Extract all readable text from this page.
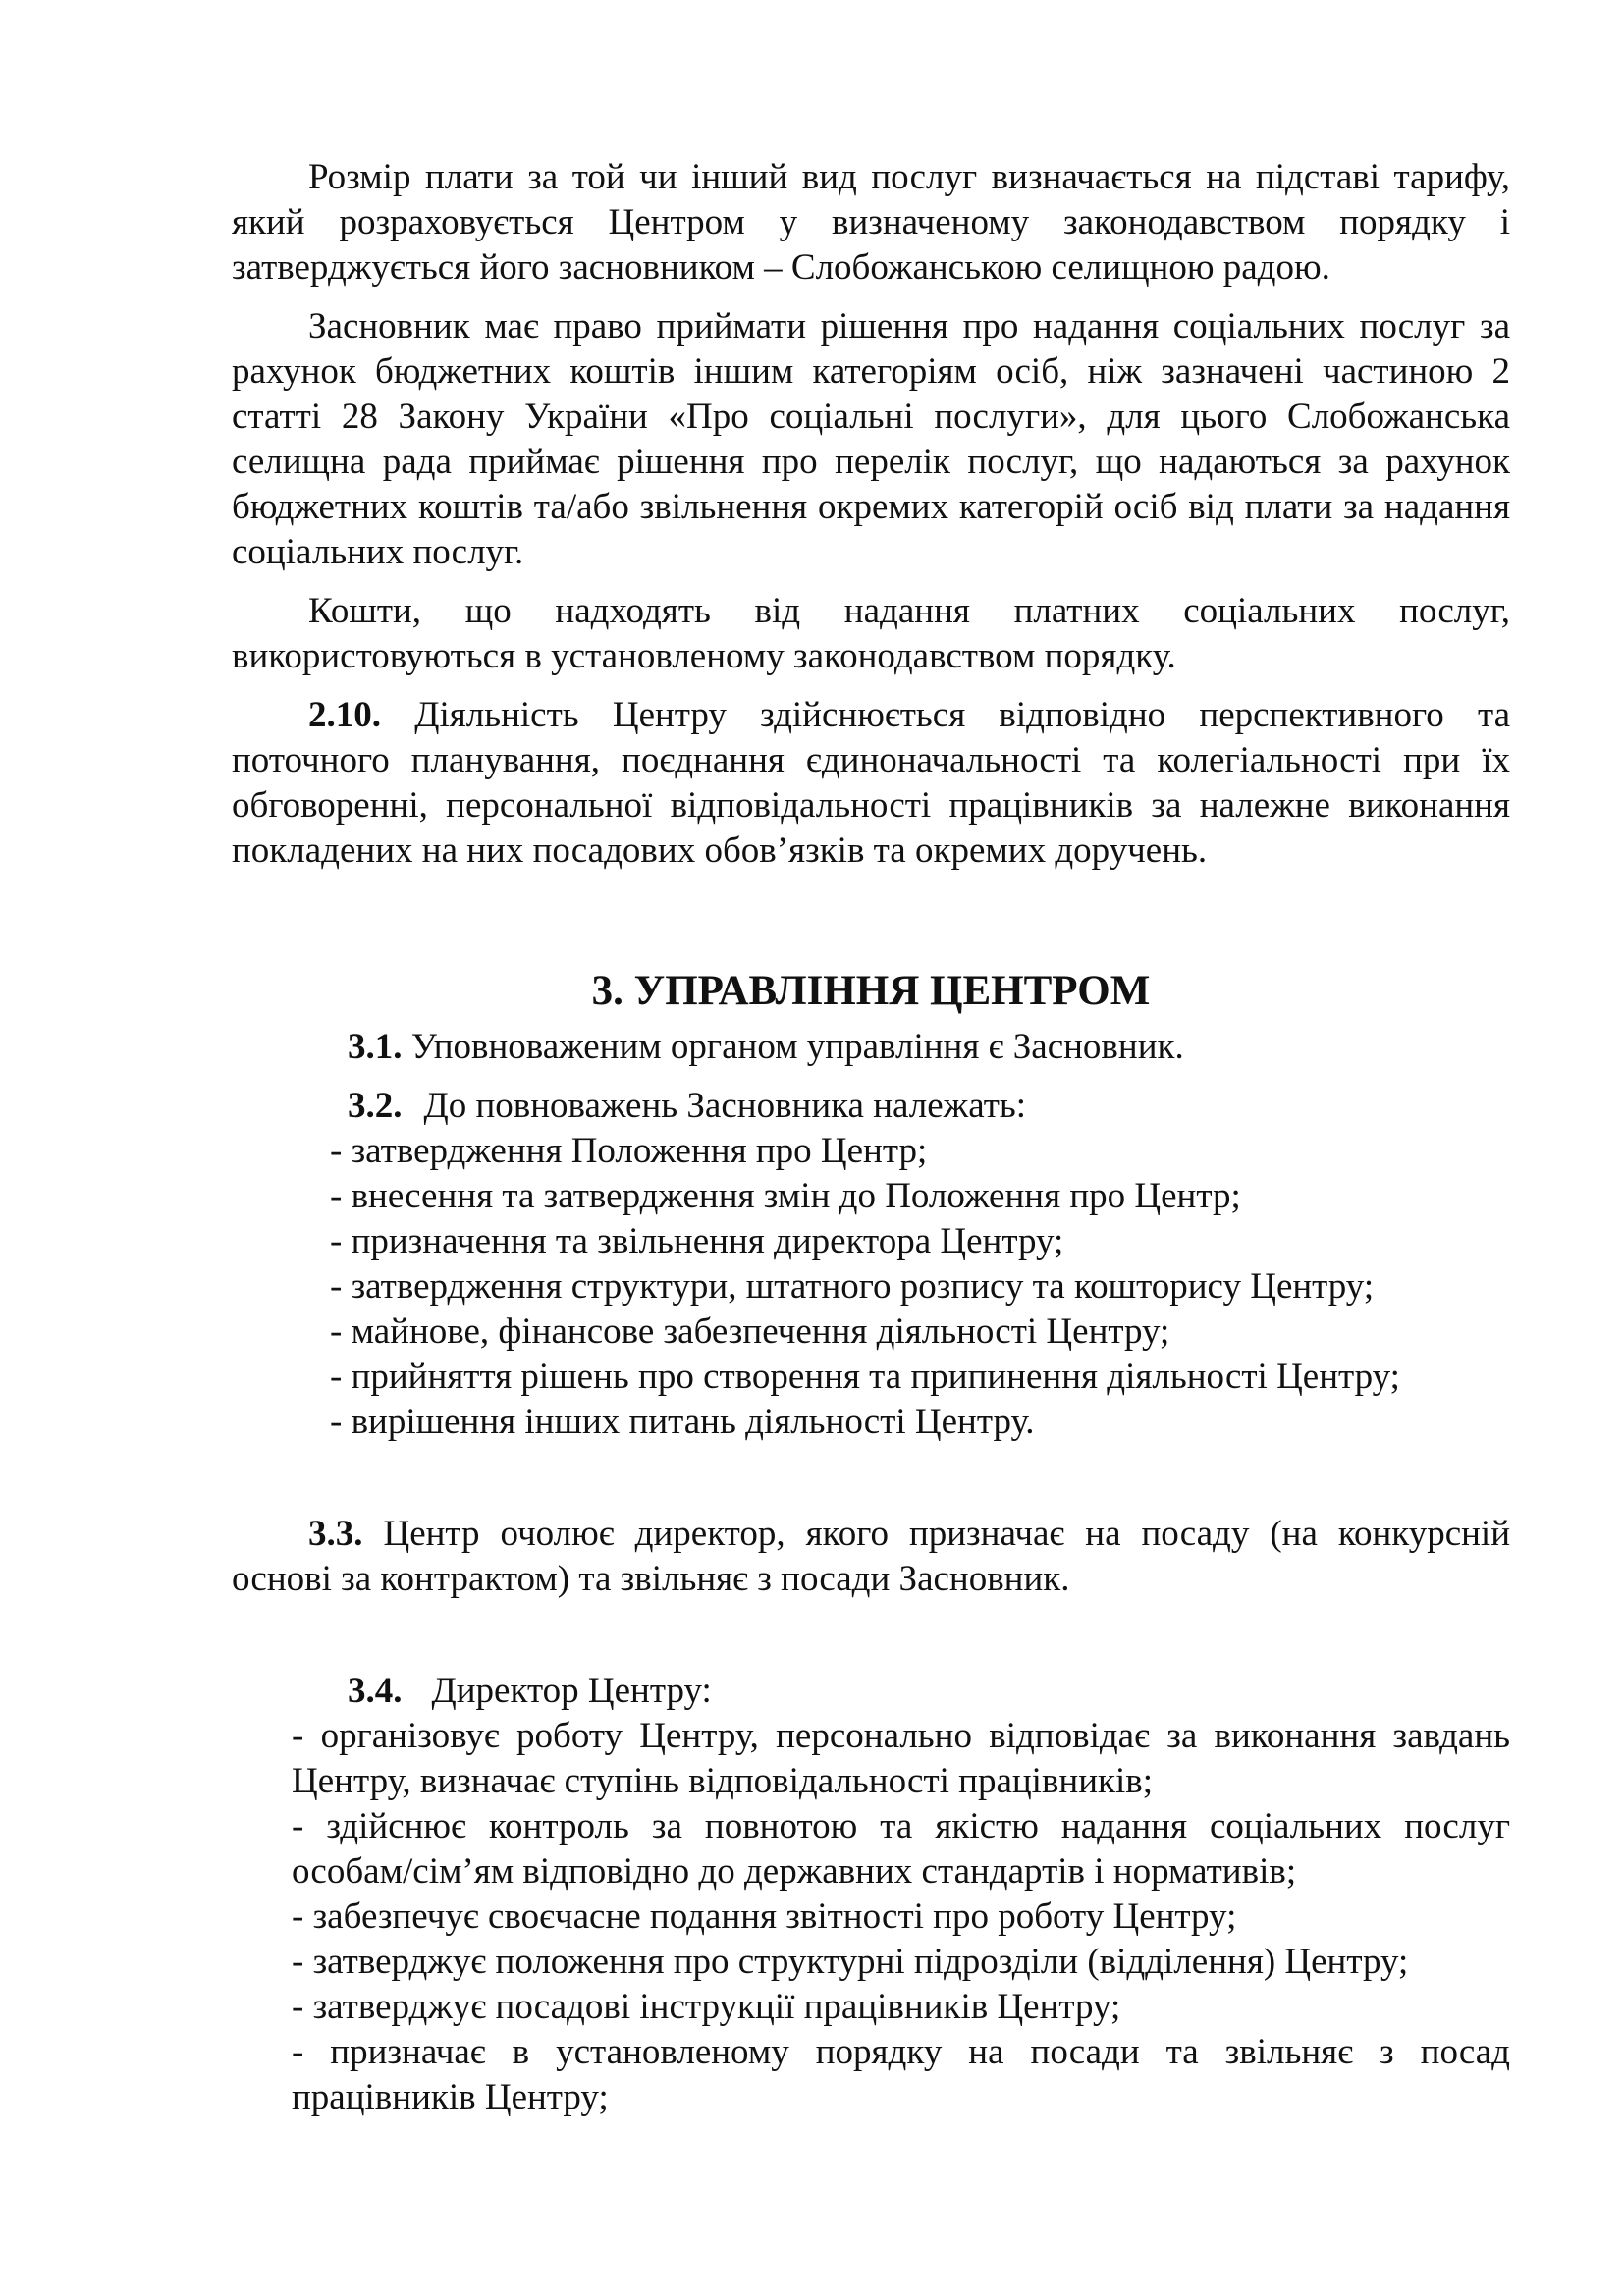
Розмір плати за той чи інший вид послуг визначається на підставі тарифу, який розраховується Центром у визначеному законодавством порядку і затверджується його засновником – Слобожанською селищною радою.

Засновник має право приймати рішення про надання соціальних послуг за рахунок бюджетних коштів іншим категоріям осіб, ніж зазначені частиною 2 статті 28 Закону України «Про соціальні послуги», для цього Слобожанська селищна рада приймає рішення про перелік послуг, що надаються за рахунок бюджетних коштів та/або звільнення окремих категорій осіб від плати за надання соціальних послуг.

Кошти, що надходять від надання платних соціальних послуг, використовуються в установленому законодавством порядку.

2.10. Діяльність Центру здійснюється відповідно перспективного та поточного планування, поєднання єдиноначальності та колегіальності при їх обговоренні, персональної відповідальності працівників за належне виконання покладених на них посадових обов’язків та окремих доручень.

3. УПРАВЛІННЯ ЦЕНТРОМ

3.1. Уповноваженим органом управління є Засновник.

3.2. До повноважень Засновника належать:

- затвердження Положення про Центр;

- внесення та затвердження змін до Положення про Центр;

- призначення та звільнення директора Центру;

- затвердження структури, штатного розпису та кошторису Центру;

- майнове, фінансове забезпечення діяльності Центру;

- прийняття рішень про створення та припинення діяльності Центру;

- вирішення інших питань діяльності Центру.

3.3. Центр очолює директор, якого призначає на посаду (на конкурсній основі за контрактом) та звільняє з посади Засновник.

3.4. Директор Центру:

- організовує роботу Центру, персонально відповідає за виконання завдань Центру, визначає ступінь відповідальності працівників;

- здійснює контроль за повнотою та якістю надання соціальних послуг особам/сім’ям відповідно до державних стандартів і нормативів;

- забезпечує своєчасне подання звітності про роботу Центру;

- затверджує положення про структурні підрозділи (відділення) Центру;

- затверджує посадові інструкції працівників Центру;

- призначає в установленому порядку на посади та звільняє з посад працівників Центру;
